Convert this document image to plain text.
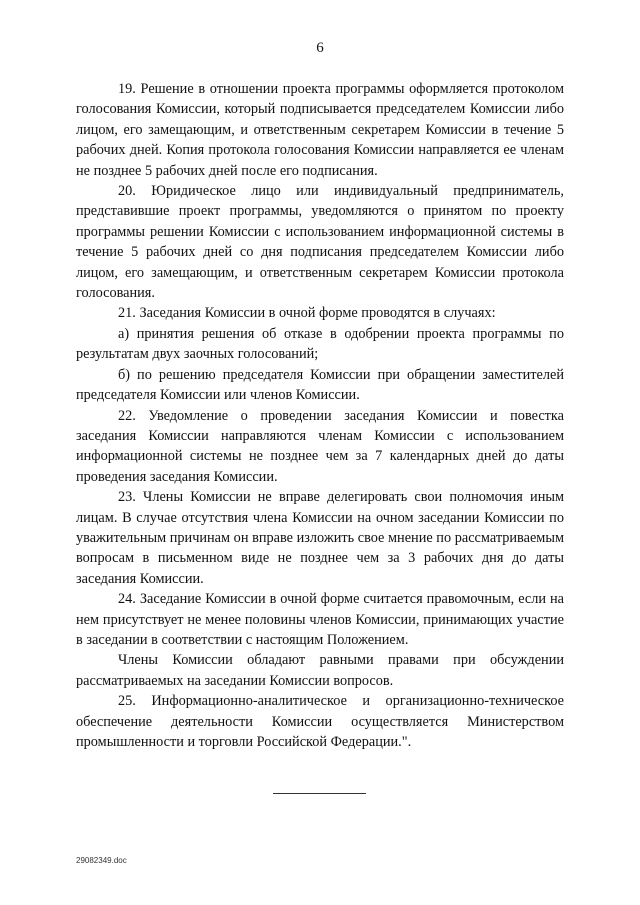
6

19. Решение в отношении проекта программы оформляется протоколом голосования Комиссии, который подписывается председателем Комиссии либо лицом, его замещающим, и ответственным секретарем Комиссии в течение 5 рабочих дней. Копия протокола голосования Комиссии направляется ее членам не позднее 5 рабочих дней после его подписания.

20. Юридическое лицо или индивидуальный предприниматель, представившие проект программы, уведомляются о принятом по проекту программы решении Комиссии с использованием информационной системы в течение 5 рабочих дней со дня подписания председателем Комиссии либо лицом, его замещающим, и ответственным секретарем Комиссии протокола голосования.

21. Заседания Комиссии в очной форме проводятся в случаях:

а) принятия решения об отказе в одобрении проекта программы по результатам двух заочных голосований;

б) по решению председателя Комиссии при обращении заместителей председателя Комиссии или членов Комиссии.

22. Уведомление о проведении заседания Комиссии и повестка заседания Комиссии направляются членам Комиссии с использованием информационной системы не позднее чем за 7 календарных дней до даты проведения заседания Комиссии.

23. Члены Комиссии не вправе делегировать свои полномочия иным лицам. В случае отсутствия члена Комиссии на очном заседании Комиссии по уважительным причинам он вправе изложить свое мнение по рассматриваемым вопросам в письменном виде не позднее чем за 3 рабочих дня до даты заседания Комиссии.

24. Заседание Комиссии в очной форме считается правомочным, если на нем присутствует не менее половины членов Комиссии, принимающих участие в заседании в соответствии с настоящим Положением.

Члены Комиссии обладают равными правами при обсуждении рассматриваемых на заседании Комиссии вопросов.

25. Информационно-аналитическое и организационно-техническое обеспечение деятельности Комиссии осуществляется Министерством промышленности и торговли Российской Федерации.".

29082349.doc
